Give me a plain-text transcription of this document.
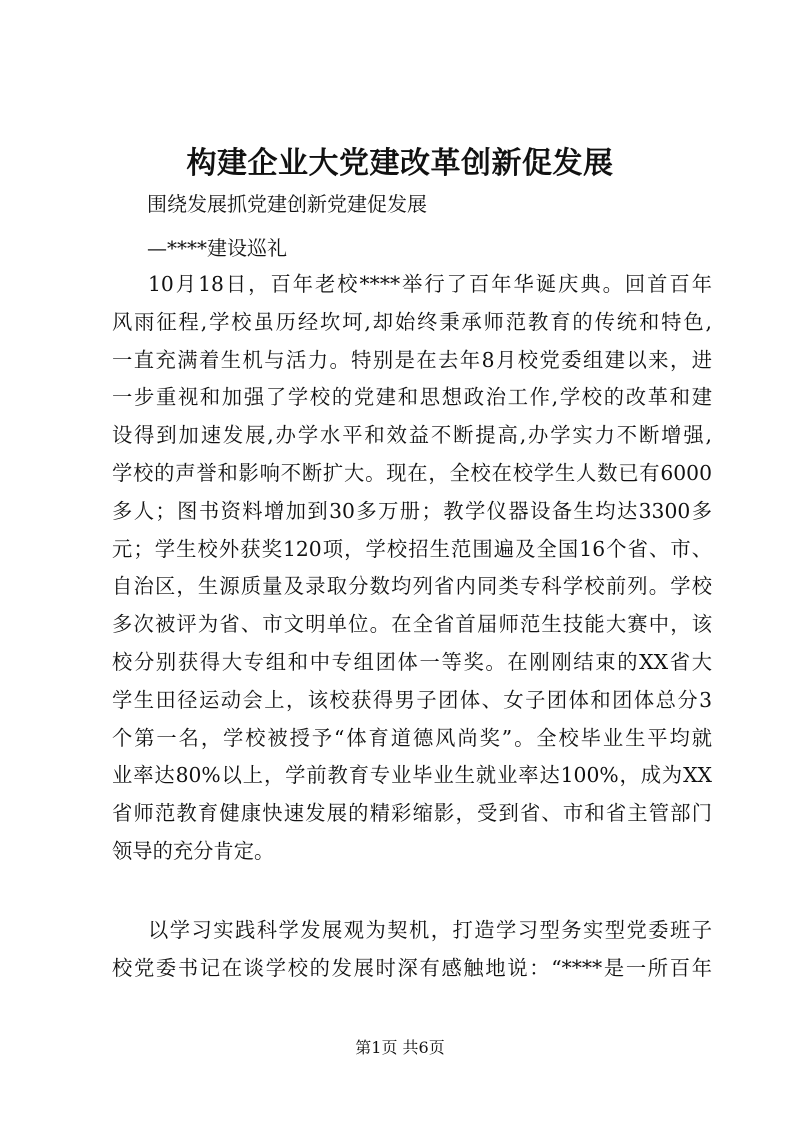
构建企业大党建改革创新促发展
围绕发展抓党建创新党建促发展
—****建设巡礼
10月18日，百年老校****举行了百年华诞庆典。回首百年
风雨征程,学校虽历经坎坷,却始终秉承师范教育的传统和特色,
一直充满着生机与活力。特别是在去年8月校党委组建以来，进
一步重视和加强了学校的党建和思想政治工作,学校的改革和建
设得到加速发展,办学水平和效益不断提高,办学实力不断增强,
学校的声誉和影响不断扩大。现在，全校在校学生人数已有6000
多人；图书资料增加到30多万册；教学仪器设备生均达3300多
元；学生校外获奖120项，学校招生范围遍及全国16个省、市、
自治区，生源质量及录取分数均列省内同类专科学校前列。学校
多次被评为省、市文明单位。在全省首届师范生技能大赛中，该
校分别获得大专组和中专组团体一等奖。在刚刚结束的XX省大
学生田径运动会上，该校获得男子团体、女子团体和团体总分3
个第一名，学校被授予“体育道德风尚奖”。全校毕业生平均就
业率达80%以上，学前教育专业毕业生就业率达100%，成为XX
省师范教育健康快速发展的精彩缩影，受到省、市和省主管部门
领导的充分肯定。
以学习实践科学发展观为契机，打造学习型务实型党委班子
校党委书记在谈学校的发展时深有感触地说：“****是一所百年
第1页 共6页
